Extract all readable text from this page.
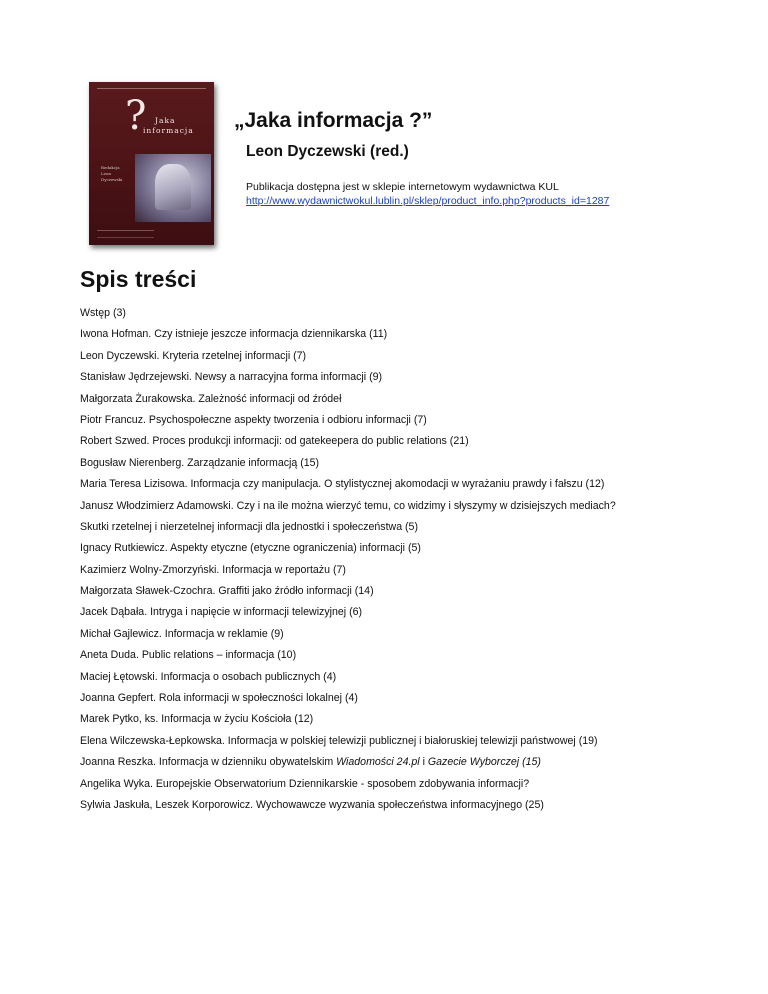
? Jaka
informacja
Redakcja
Leon
Dyczewski
„Jaka informacja ?”
Leon Dyczewski (red.)
Publikacja dostępna jest w sklepie internetowym wydawnictwa KUL
http://www.wydawnictwokul.lublin.pl/sklep/product_info.php?products_id=1287
Spis treści
Wstęp (3)
Iwona Hofman. Czy istnieje jeszcze informacja dziennikarska (11)
Leon Dyczewski. Kryteria rzetelnej informacji (7)
Stanisław Jędrzejewski. Newsy a narracyjna forma informacji (9)
Małgorzata Żurakowska. Zależność informacji od źródeł
Piotr Francuz. Psychospołeczne aspekty tworzenia i odbioru informacji (7)
Robert Szwed. Proces produkcji informacji: od gatekeepera do public relations (21)
Bogusław Nierenberg. Zarządzanie informacją (15)
Maria Teresa Lizisowa. Informacja czy manipulacja. O stylistycznej akomodacji w wyrażaniu prawdy i fałszu (12)
Janusz Włodzimierz Adamowski. Czy i na ile można wierzyć temu, co widzimy i słyszymy w dzisiejszych mediach?
Skutki rzetelnej i nierzetelnej informacji dla jednostki i społeczeństwa (5)
Ignacy Rutkiewicz. Aspekty etyczne (etyczne ograniczenia) informacji (5)
Kazimierz Wolny-Zmorzyński. Informacja w reportażu (7)
Małgorzata Sławek-Czochra. Graffiti jako źródło informacji (14)
Jacek Dąbała. Intryga i napięcie w informacji telewizyjnej (6)
Michał Gajlewicz. Informacja w reklamie (9)
Aneta Duda. Public relations – informacja (10)
Maciej Łętowski. Informacja o osobach publicznych (4)
Joanna Gepfert. Rola informacji w społeczności lokalnej (4)
Marek Pytko, ks. Informacja w życiu Kościoła (12)
Elena Wilczewska-Łepkowska. Informacja w polskiej telewizji publicznej i białoruskiej telewizji państwowej (19)
Joanna Reszka. Informacja w dzienniku obywatelskim Wiadomości 24.pl i Gazecie Wyborczej (15)
Angelika Wyka. Europejskie Obserwatorium Dziennikarskie - sposobem zdobywania informacji?
Sylwia Jaskuła, Leszek Korporowicz. Wychowawcze wyzwania społeczeństwa informacyjnego (25)
